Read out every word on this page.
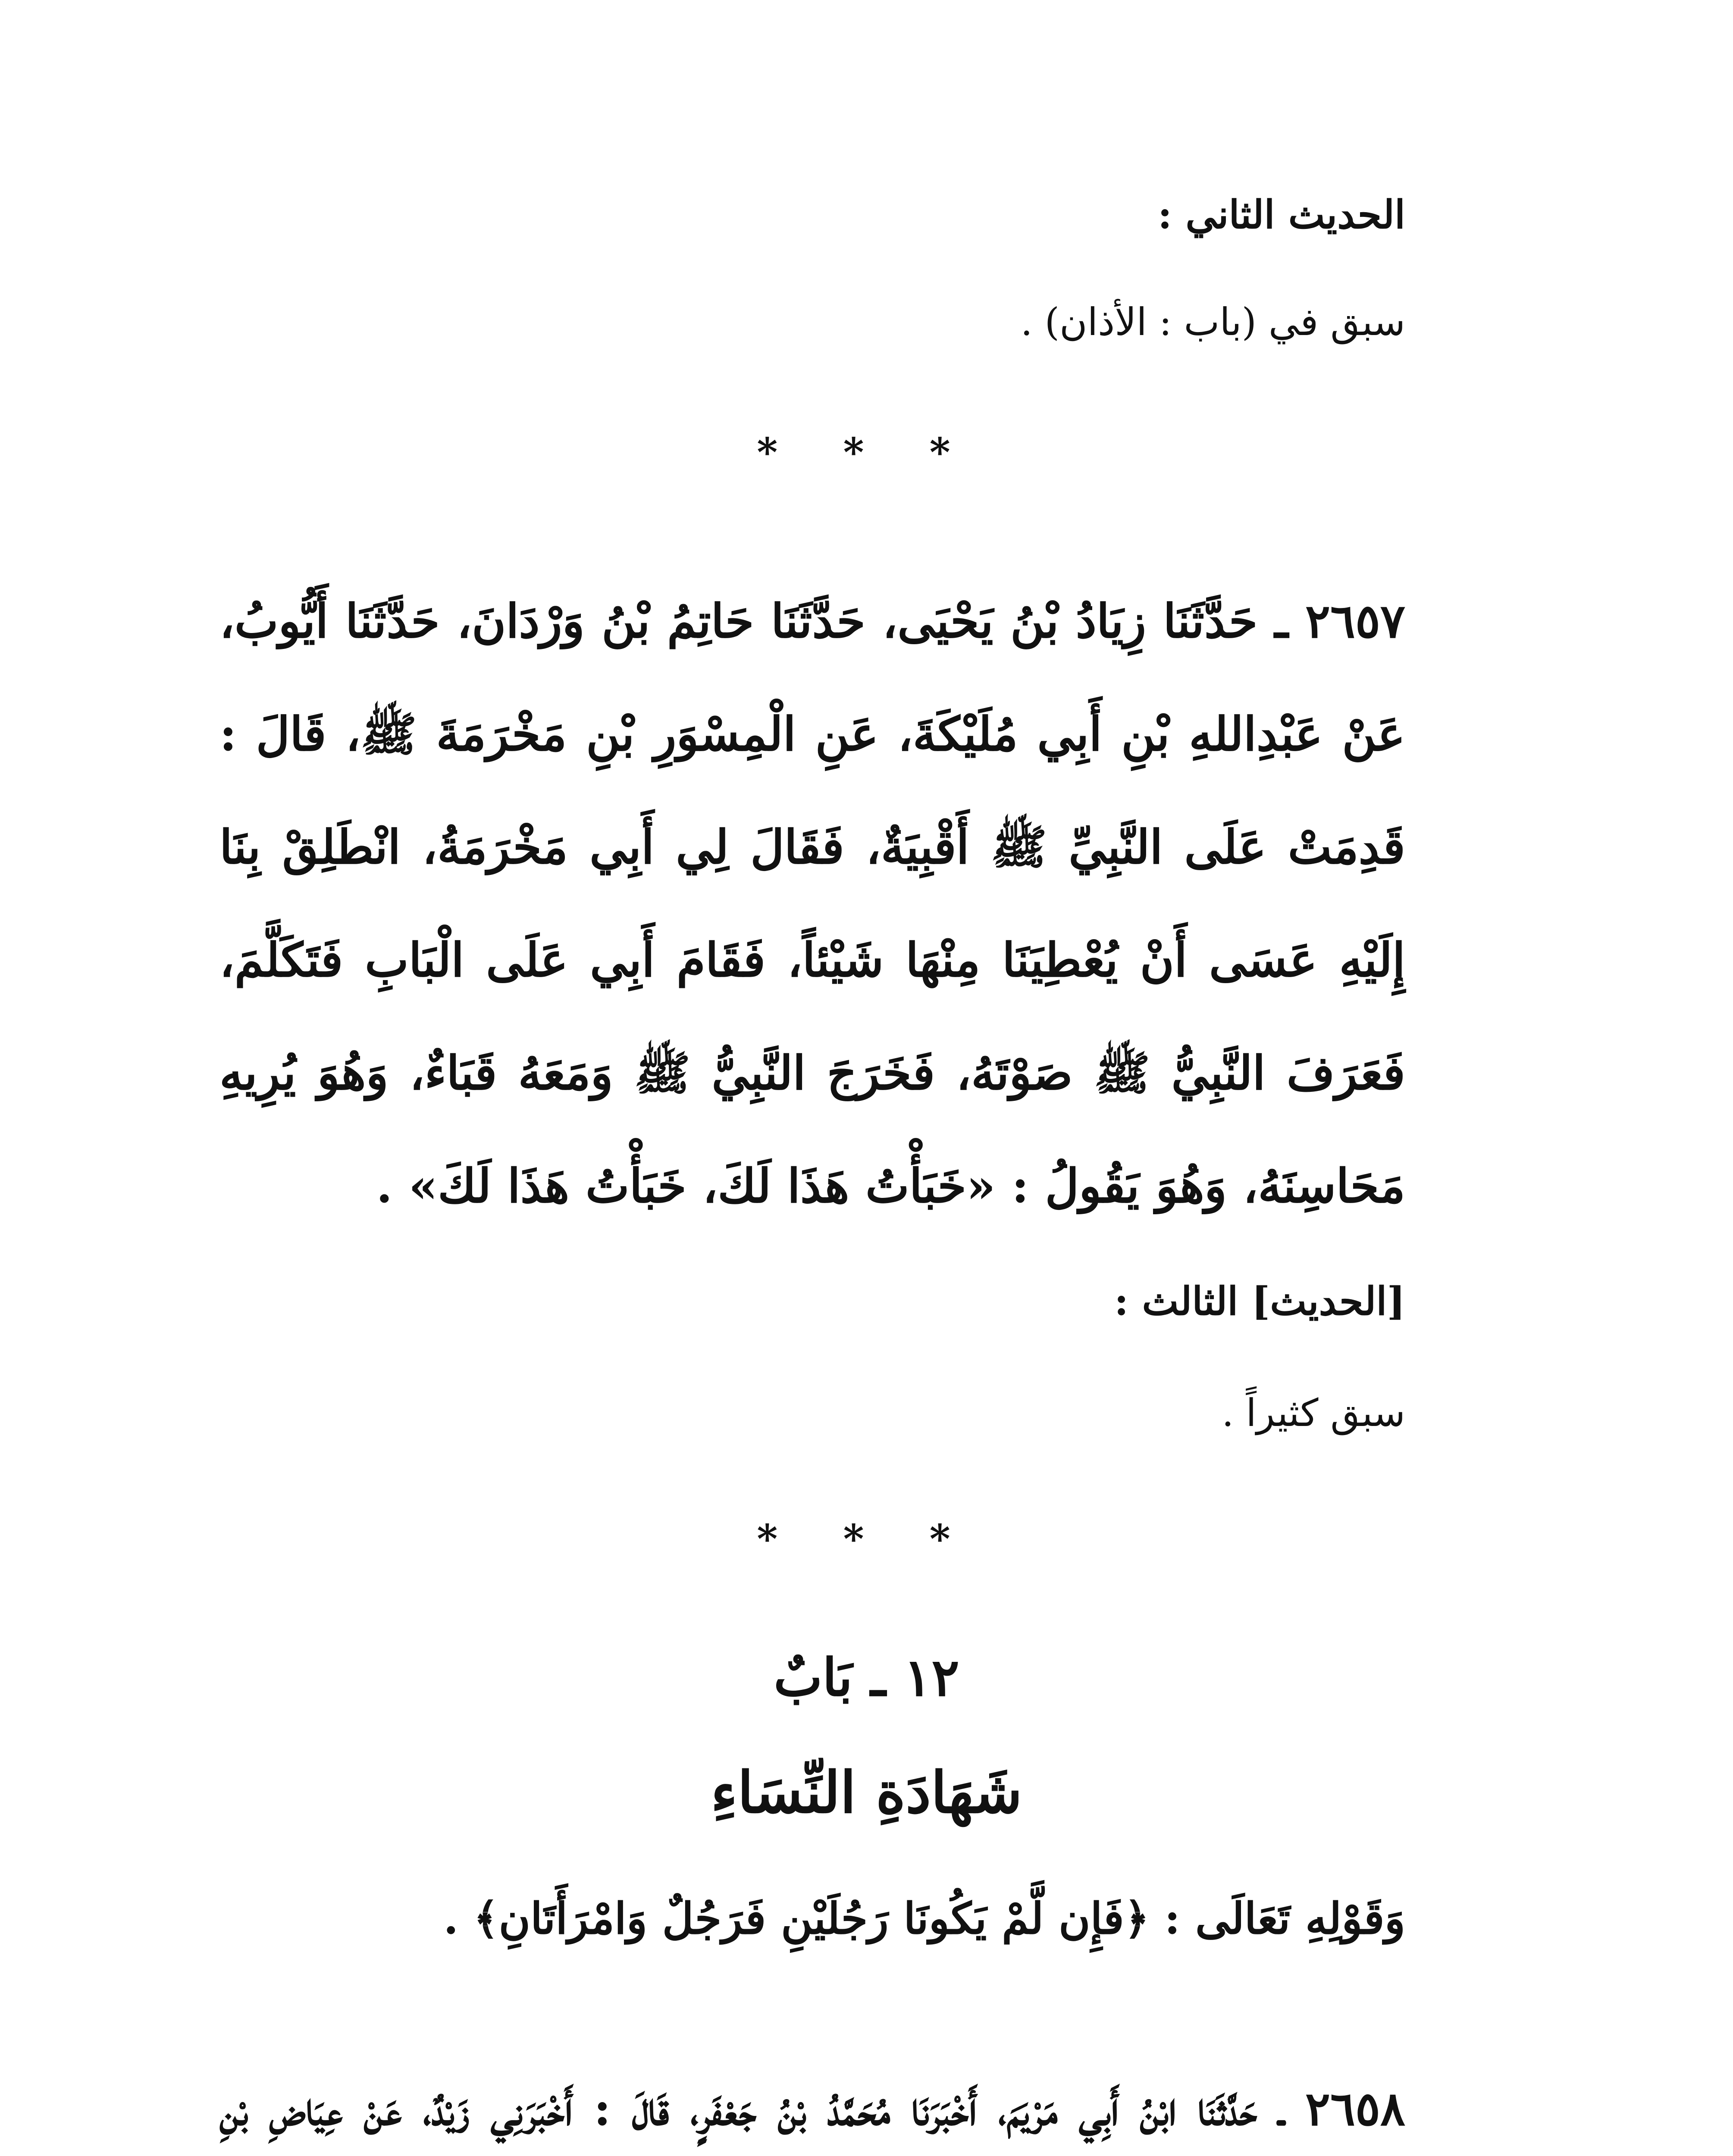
الحديث الثاني :
سبق في (باب : الأذان) .
* * *

٢٦٥٧ ـ حَدَّثَنَا زِيَادُ بْنُ يَحْيَى، حَدَّثَنَا حَاتِمُ بْنُ وَرْدَانَ، حَدَّثَنَا أَيُّوبُ، عَنْ عَبْدِاللهِ بْنِ أَبِي مُلَيْكَةَ، عَنِ الْمِسْوَرِ بْنِ مَخْرَمَةَ ﷺ، قَالَ : قَدِمَتْ عَلَى النَّبِيِّ ﷺ أَقْبِيَةٌ، فَقَالَ لِي أَبِي مَخْرَمَةُ، انْطَلِقْ بِنَا إِلَيْهِ عَسَى أَنْ يُعْطِيَنَا مِنْهَا شَيْئاً، فَقَامَ أَبِي عَلَى الْبَابِ فَتَكَلَّمَ، فَعَرَفَ النَّبِيُّ ﷺ صَوْتَهُ، فَخَرَجَ النَّبِيُّ ﷺ وَمَعَهُ قَبَاءٌ، وَهُوَ يُرِيهِ مَحَاسِنَهُ، وَهُوَ يَقُولُ : «خَبَأْتُ هَذَا لَكَ، خَبَأْتُ هَذَا لَكَ» .

[الحديث] الثالث :
سبق كثيراً .
* * *
١٢ ـ بَابٌ
شَهَادَةِ النِّسَاءِ
وَقَوْلِهِ تَعَالَى : ﴿فَإِن لَّمْ يَكُونَا رَجُلَيْنِ فَرَجُلٌ وَامْرَأَتَانِ﴾ .

٢٦٥٨ ـ حَدَّثَنَا ابْنُ أَبِي مَرْيَمَ، أَخْبَرَنَا مُحَمَّدُ بْنُ جَعْفَرٍ، قَالَ : أَخْبَرَنِي زَيْدٌ، عَنْ عِيَاضِ بْنِ
